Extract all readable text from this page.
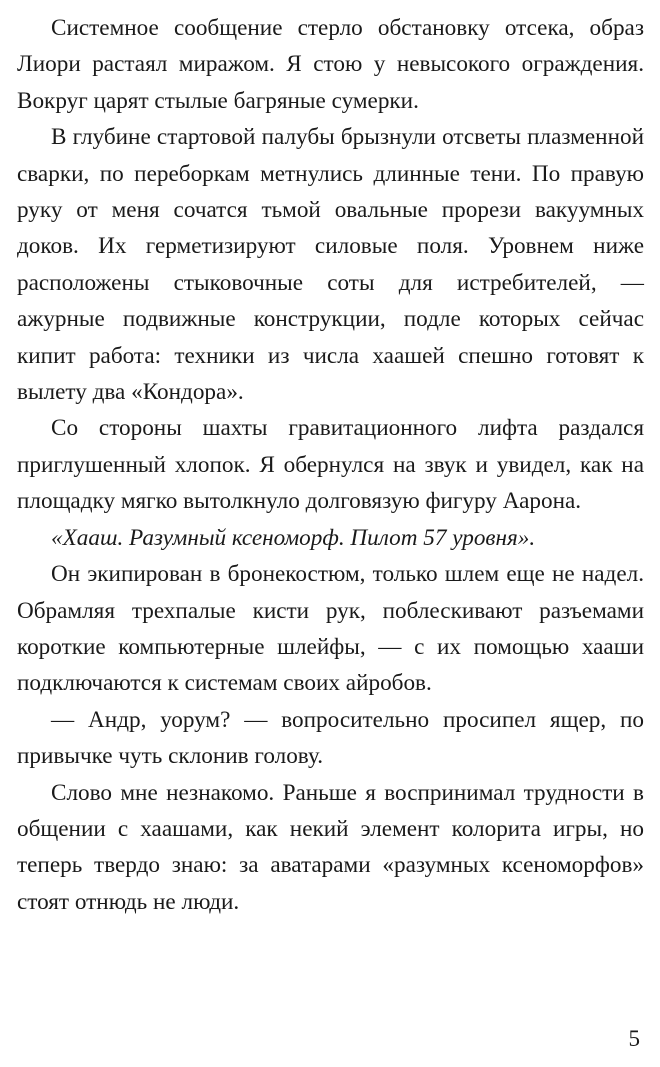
Системное сообщение стерло обстановку отсека, образ Лиори растаял миражом. Я стою у невысокого ограждения. Вокруг царят стылые багряные сумерки.

В глубине стартовой палубы брызнули отсветы плазменной сварки, по переборкам метнулись длинные тени. По правую руку от меня сочатся тьмой овальные прорези вакуумных доков. Их герметизируют силовые поля. Уровнем ниже расположены стыковочные соты для истребителей, — ажурные подвижные конструкции, подле которых сейчас кипит работа: техники из числа хаашей спешно готовят к вылету два «Кондора».

Со стороны шахты гравитационного лифта раздался приглушенный хлопок. Я обернулся на звук и увидел, как на площадку мягко вытолкнуло долговязую фигуру Аарона.

«Хааш. Разумный ксеноморф. Пилот 57 уровня».

Он экипирован в бронекостюм, только шлем еще не надел. Обрамляя трехпалые кисти рук, поблескивают разъемами короткие компьютерные шлейфы, — с их помощью хааши подключаются к системам своих айробов.

— Андр, уорум? — вопросительно просипел ящер, по привычке чуть склонив голову.

Слово мне незнакомо. Раньше я воспринимал трудности в общении с хаашами, как некий элемент колорита игры, но теперь твердо знаю: за аватарами «разумных ксеноморфов» стоят отнюдь не люди.

5
